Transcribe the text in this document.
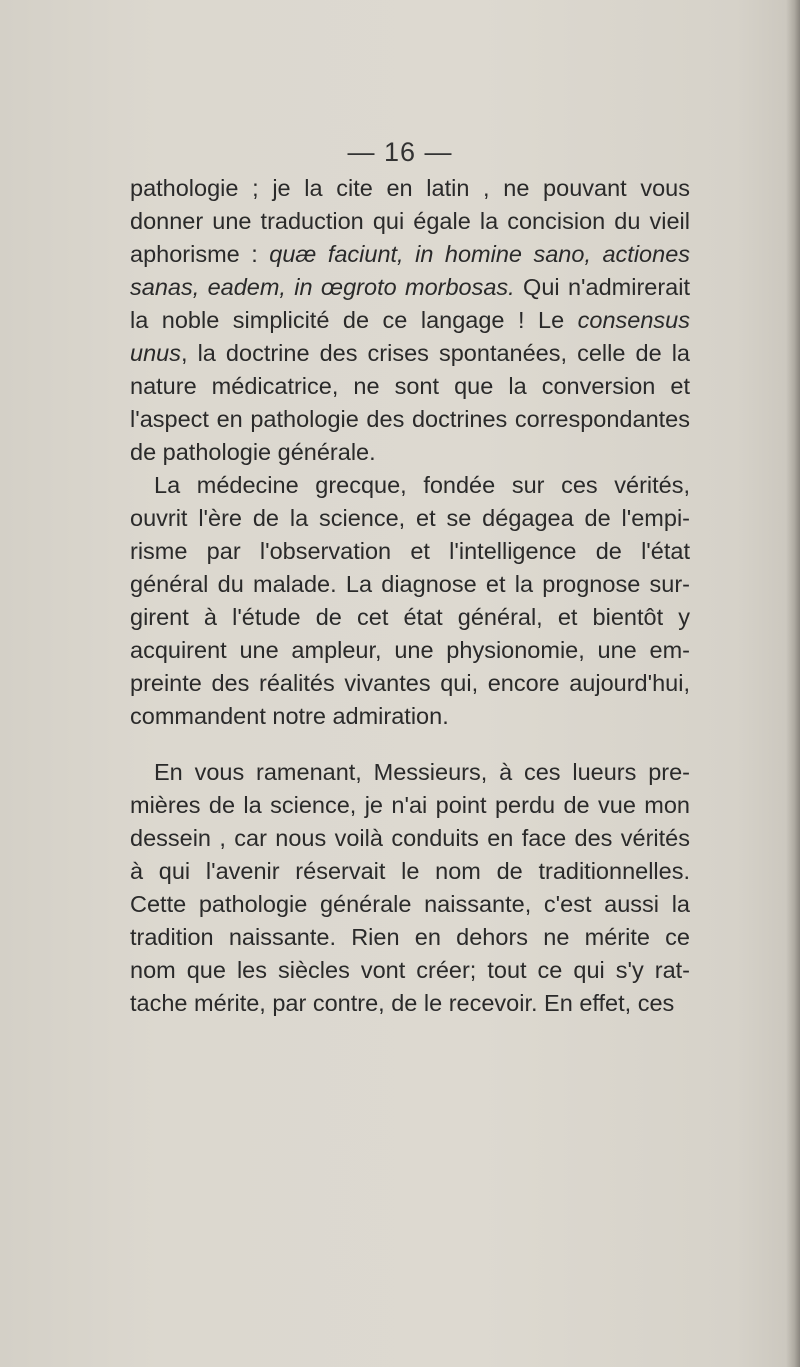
— 16 —
pathologie ; je la cite en latin , ne pouvant vous
donner une traduction qui égale la concision du vieil
aphorisme : quæ faciunt, in homine sano, actiones
sanas, eadem, in œgroto morbosas. Qui n'admirerait
la noble simplicité de ce langage ! Le consensus
unus, la doctrine des crises spontanées, celle de la
nature médicatrice, ne sont que la conversion et
l'aspect en pathologie des doctrines correspondantes
de pathologie générale.
La médecine grecque, fondée sur ces vérités,
ouvrit l'ère de la science, et se dégagea de l'empi-
risme par l'observation et l'intelligence de l'état
général du malade. La diagnose et la prognose sur-
girent à l'étude de cet état général, et bientôt y
acquirent une ampleur, une physionomie, une em-
preinte des réalités vivantes qui, encore aujourd'hui,
commandent notre admiration.
En vous ramenant, Messieurs, à ces lueurs pre-
mières de la science, je n'ai point perdu de vue mon
dessein , car nous voilà conduits en face des vérités
à qui l'avenir réservait le nom de traditionnelles.
Cette pathologie générale naissante, c'est aussi la
tradition naissante. Rien en dehors ne mérite ce
nom que les siècles vont créer; tout ce qui s'y rat-
tache mérite, par contre, de le recevoir. En effet, ces
